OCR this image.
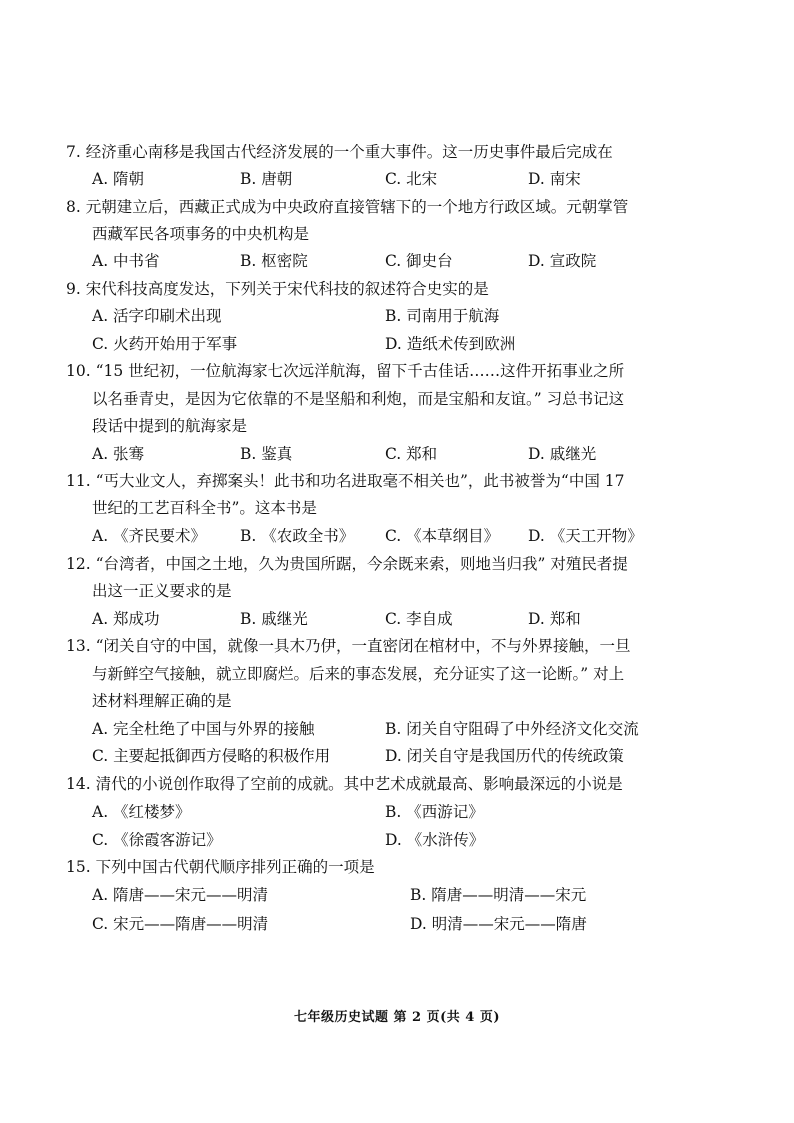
7. 经济重心南移是我国古代经济发展的一个重大事件。这一历史事件最后完成在
A. 隋朝	B. 唐朝	C. 北宋	D. 南宋
8. 元朝建立后，西藏正式成为中央政府直接管辖下的一个地方行政区域。元朝掌管
西藏军民各项事务的中央机构是
A. 中书省	B. 枢密院	C. 御史台	D. 宣政院
9. 宋代科技高度发达，下列关于宋代科技的叙述符合史实的是
A. 活字印刷术出现	B. 司南用于航海
C. 火药开始用于军事	D. 造纸术传到欧洲
10. “15 世纪初，一位航海家七次远洋航海，留下千古佳话……这件开拓事业之所
以名垂青史，是因为它依靠的不是坚船和利炮，而是宝船和友谊。” 习总书记这
段话中提到的航海家是
A. 张骞	B. 鉴真	C. 郑和	D. 戚继光
11. “丐大业文人，弃掷案头！此书和功名进取毫不相关也”，此书被誉为“中国 17
世纪的工艺百科全书”。这本书是
A. 《齐民要术》 B. 《农政全书》 C. 《本草纲目》 D. 《天工开物》
12. “台湾者，中国之土地，久为贵国所踞，今余既来索，则地当归我” 对殖民者提
出这一正义要求的是
A. 郑成功	B. 戚继光	C. 李自成	D. 郑和
13. “闭关自守的中国，就像一具木乃伊，一直密闭在棺材中，不与外界接触，一旦
与新鲜空气接触，就立即腐烂。后来的事态发展，充分证实了这一论断。” 对上
述材料理解正确的是
A. 完全杜绝了中国与外界的接触	B. 闭关自守阻碍了中外经济文化交流
C. 主要起抵御西方侵略的积极作用	D. 闭关自守是我国历代的传统政策
14. 清代的小说创作取得了空前的成就。其中艺术成就最高、影响最深远的小说是
A. 《红楼梦》	B. 《西游记》
C. 《徐霞客游记》	D. 《水浒传》
15. 下列中国古代朝代顺序排列正确的一项是
A. 隋唐——宋元——明清	B. 隋唐——明清——宋元
C. 宋元——隋唐——明清	D. 明清——宋元——隋唐
七年级历史试题 第 2 页(共 4 页)
